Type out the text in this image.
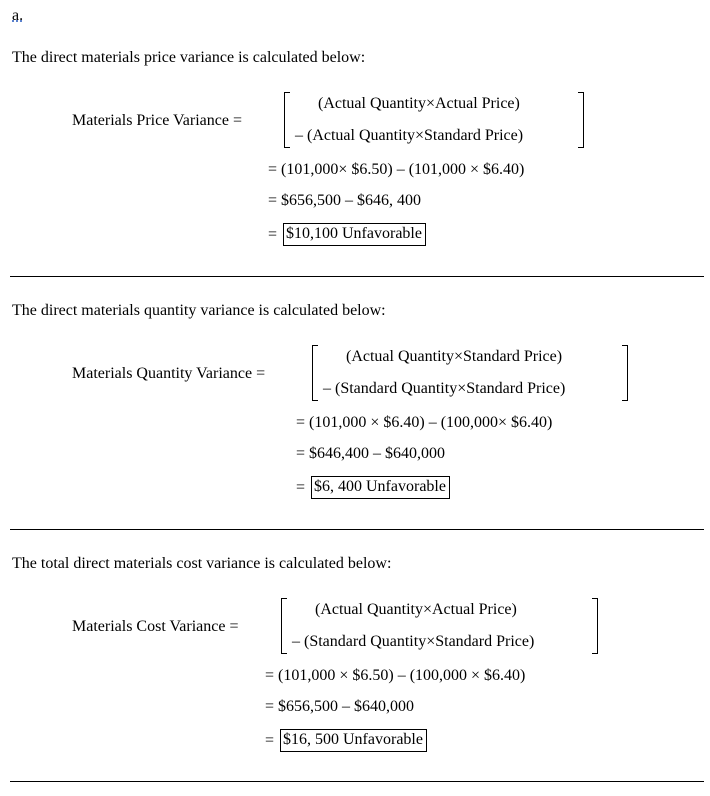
a.
The direct materials price variance is calculated below:
Materials Price Variance =
(Actual Quantity×Actual Price)
– (Actual Quantity×Standard Price)
= (101,000× $6.50) – (101,000 × $6.40)
= $656,500 – $646, 400
= $10,100 Unfavorable
The direct materials quantity variance is calculated below:
Materials Quantity Variance =
(Actual Quantity×Standard Price)
– (Standard Quantity×Standard Price)
= (101,000 × $6.40) – (100,000× $6.40)
= $646,400 – $640,000
= $6, 400 Unfavorable
The total direct materials cost variance is calculated below:
Materials Cost Variance =
(Actual Quantity×Actual Price)
– (Standard Quantity×Standard Price)
= (101,000 × $6.50) – (100,000 × $6.40)
= $656,500 – $640,000
= $16, 500 Unfavorable
